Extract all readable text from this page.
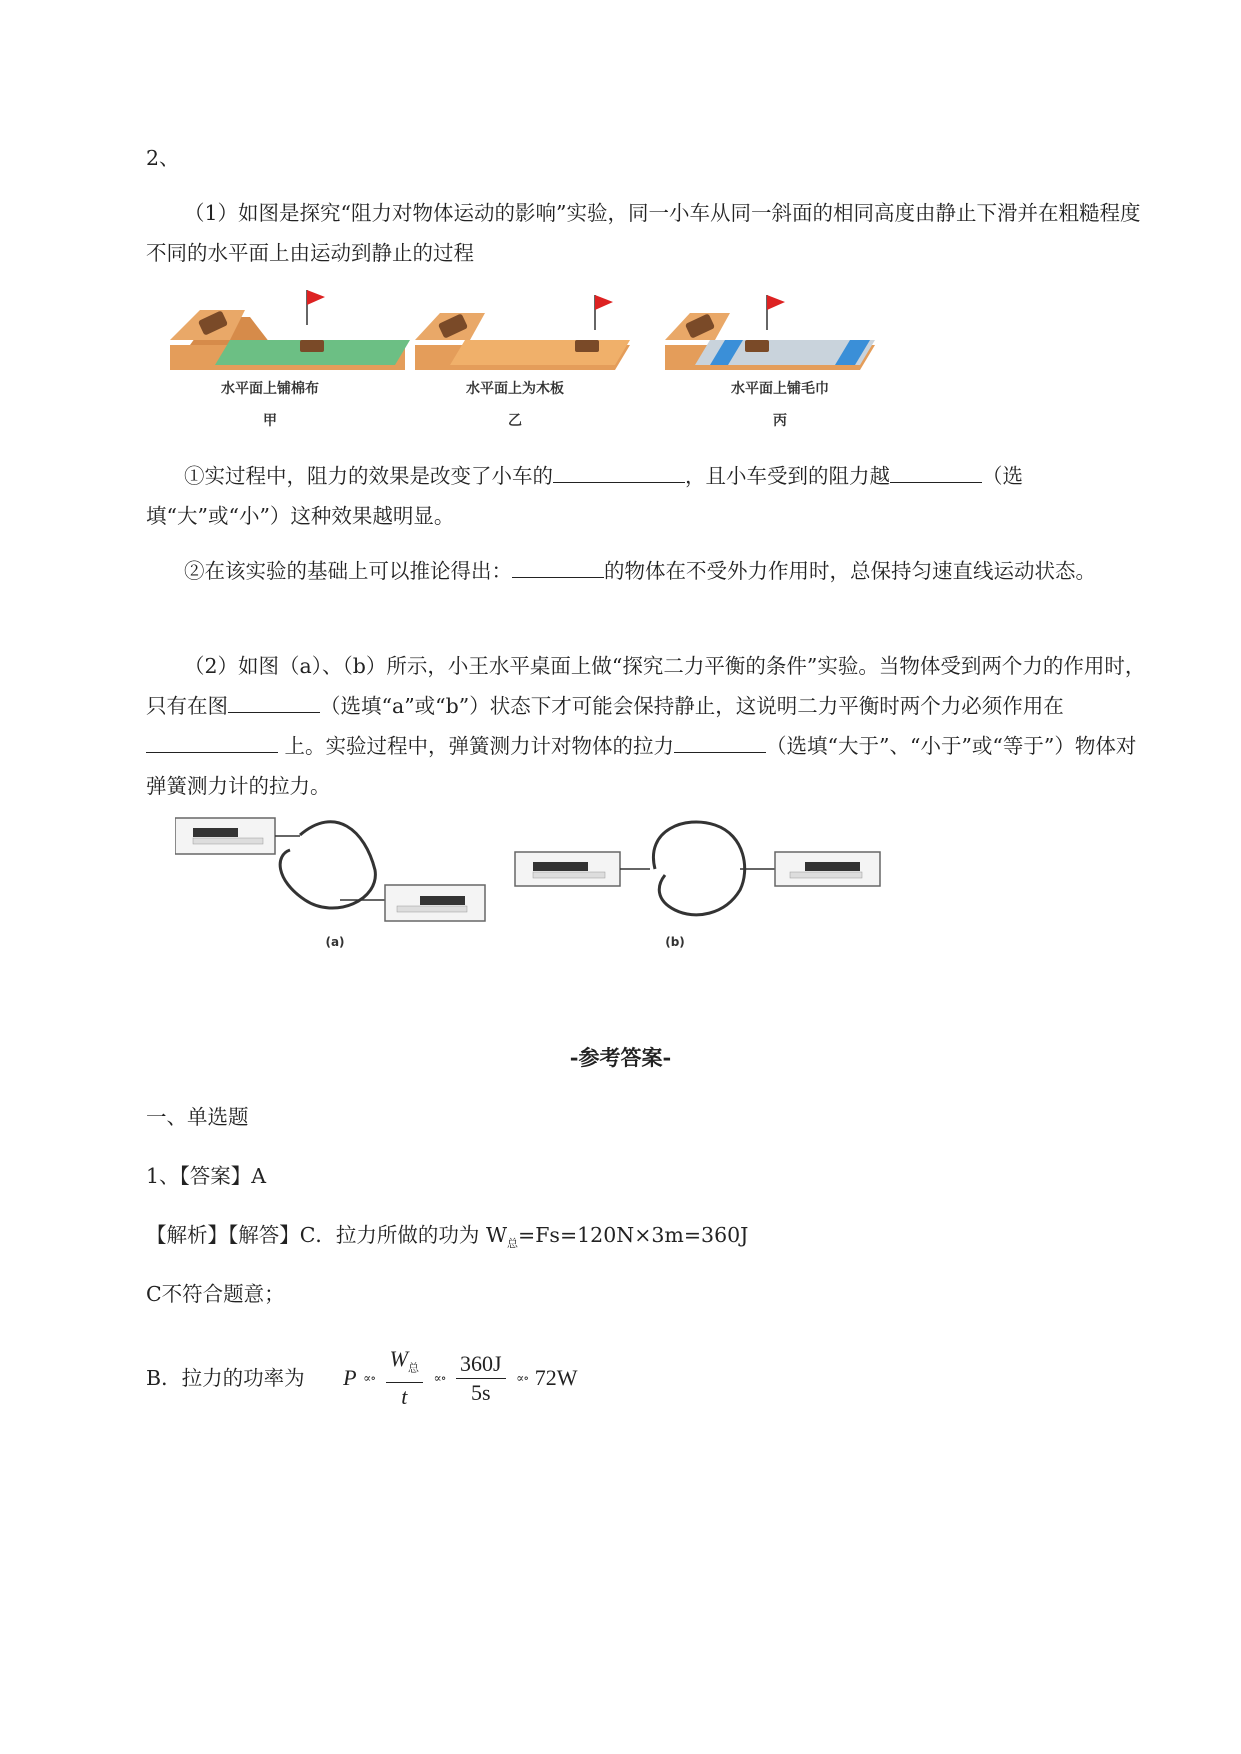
2、

（1）如图是探究“阻力对物体运动的影响”实验，同一小车从同一斜面的相同高度由静止下滑并在粗糙程度不同的水平面上由运动到静止的过程

水平面上铺棉布
甲
水平面上为木板
乙
水平面上铺毛巾
丙

①实过程中，阻力的效果是改变了小车的	，且小车受到的阻力越	（选填“大”或“小”）这种效果越明显。

②在该实验的基础上可以推论得出：	的物体在不受外力作用时，总保持匀速直线运动状态。

（2）如图（a）、（b）所示，小王水平桌面上做“探究二力平衡的条件”实验。当物体受到两个力的作用时，只有在图	（选填“a”或“b”）状态下才可能会保持静止，这说明二力平衡时两个力必须作用在 上。实验过程中，弹簧测力计对物体的拉力	（选填“大于”、“小于”或“等于”）物体对弹簧测力计的拉力。

(a)	(b)

-参考答案-

一、单选题

1、【答案】A

【解析】【解答】C．拉力所做的功为 $W_总=Fs=120N\times 3m=360J$

C不符合题意；

B．拉力的功率为 P ∝∘ $\frac{W_总}{t}$ ∝∘ $\frac{360J}{5s}$ ∝∘ 72W
